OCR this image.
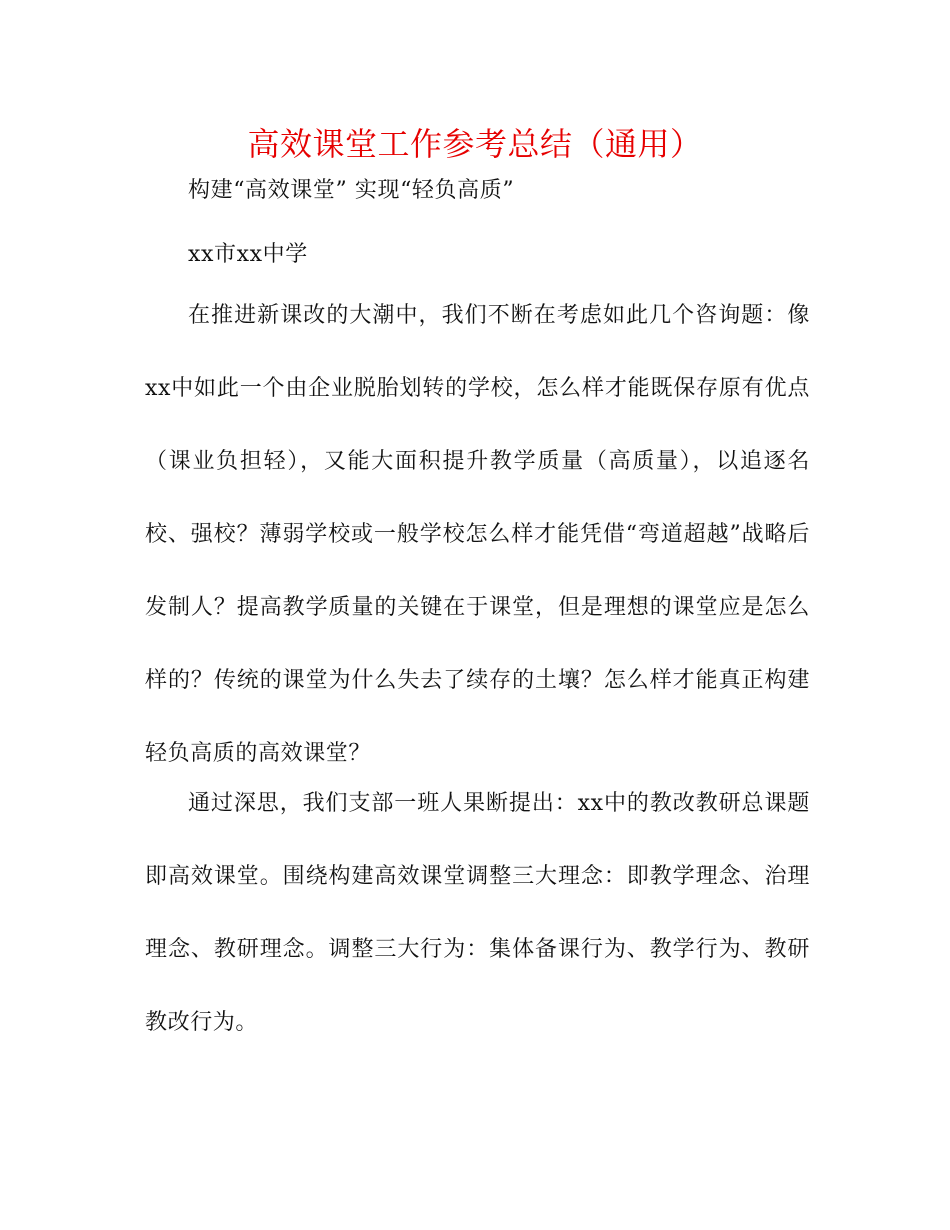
高效课堂工作参考总结（通用）
构建“高效课堂” 实现“轻负高质”
xx市xx中学
在推进新课改的大潮中，我们不断在考虑如此几个咨询题：像xx中如此一个由企业脱胎划转的学校，怎么样才能既保存原有优点（课业负担轻），又能大面积提升教学质量（高质量），以追逐名校、强校？薄弱学校或一般学校怎么样才能凭借“弯道超越”战略后发制人？提高教学质量的关键在于课堂，但是理想的课堂应是怎么样的？传统的课堂为什么失去了续存的土壤？怎么样才能真正构建轻负高质的高效课堂？
通过深思，我们支部一班人果断提出：xx中的教改教研总课题即高效课堂。围绕构建高效课堂调整三大理念：即教学理念、治理理念、教研理念。调整三大行为：集体备课行为、教学行为、教研教改行为。
